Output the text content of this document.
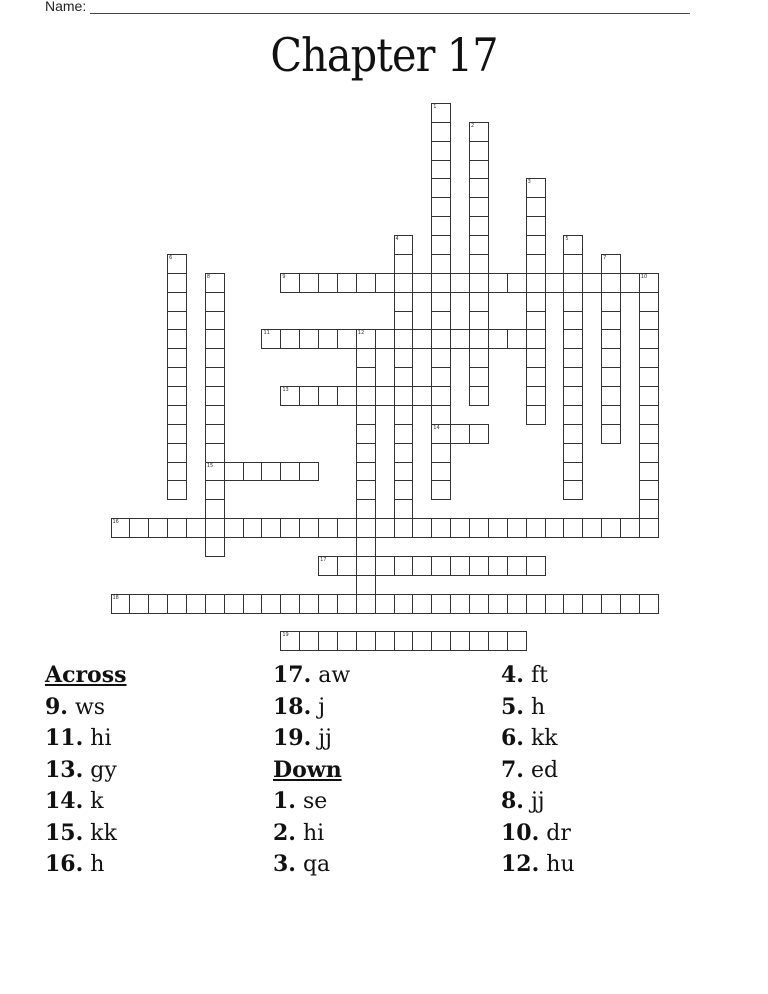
Name:
Chapter 17
1
14
2
3
4	5
6	7
8
15
9	10
11	12
13
16
17
18
19
Across
9. ws
11. hi
13. gy
14. k
15. kk
16. h
17. aw
18. j
19. jj
Down
1. se
2. hi
3. qa
4. ft
5. h
6. kk
7. ed
8. jj
10. dr
12. hu
